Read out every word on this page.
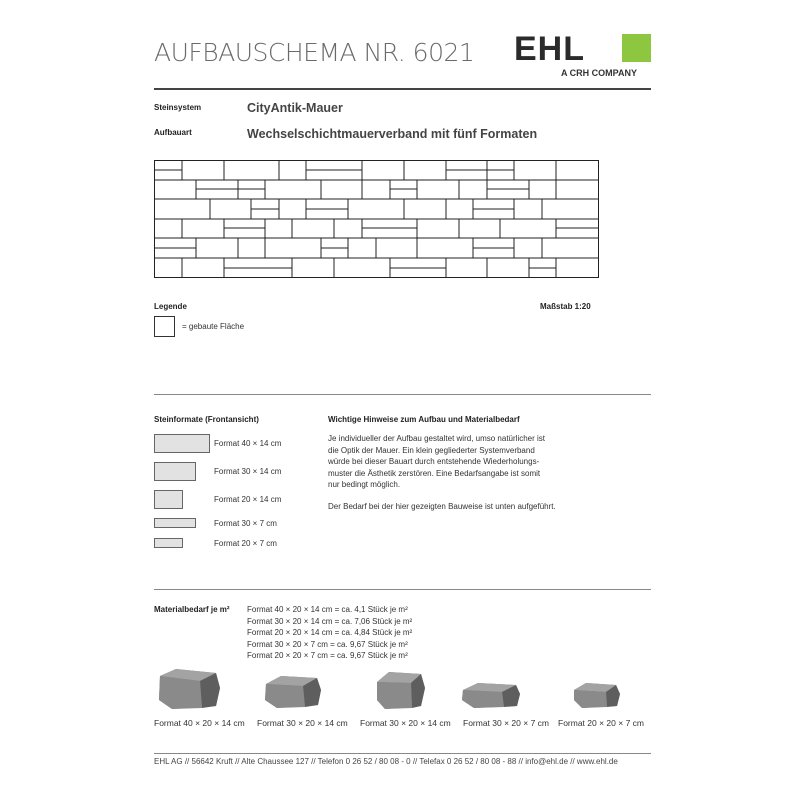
AUFBAUSCHEMA NR. 6021 EHL
A CRH COMPANY
Steinsystem	CityAntik-Mauer
Aufbauart	Wechselschichtmauerverband mit fünf Formaten
Legende	Maßstab 1:20
= gebaute Fläche
Steinformate (Frontansicht)
Format 40 × 14 cm
Format 30 × 14 cm
Format 20 × 14 cm
Format 30 × 7 cm
Format 20 × 7 cm
Wichtige Hinweise zum Aufbau und Materialbedarf
Je individueller der Aufbau gestaltet wird, umso natürlicher ist
die Optik der Mauer. Ein klein gegliederter Systemverband
würde bei dieser Bauart durch entstehende Wiederholungs-
muster die Ästhetik zerstören. Eine Bedarfsangabe ist somit
nur bedingt möglich.
Der Bedarf bei der hier gezeigten Bauweise ist unten aufgeführt.
Materialbedarf je m² Format 40 × 20 × 14 cm = ca. 4,1 Stück je m²
Format 30 × 20 × 14 cm = ca. 7,06 Stück je m²
Format 20 × 20 × 14 cm = ca. 4,84 Stück je m²
Format 30 × 20 × 7 cm = ca. 9,67 Stück je m²
Format 20 × 20 × 7 cm = ca. 9,67 Stück je m²
Format 40 × 20 × 14 cm Format 30 × 20 × 14 cm Format 30 × 20 × 14 cm Format 30 × 20 × 7 cm Format 20 × 20 × 7 cm
EHL AG // 56642 Kruft // Alte Chaussee 127 // Telefon 0 26 52 / 80 08 - 0 // Telefax 0 26 52 / 80 08 - 88 // info@ehl.de // www.ehl.de
